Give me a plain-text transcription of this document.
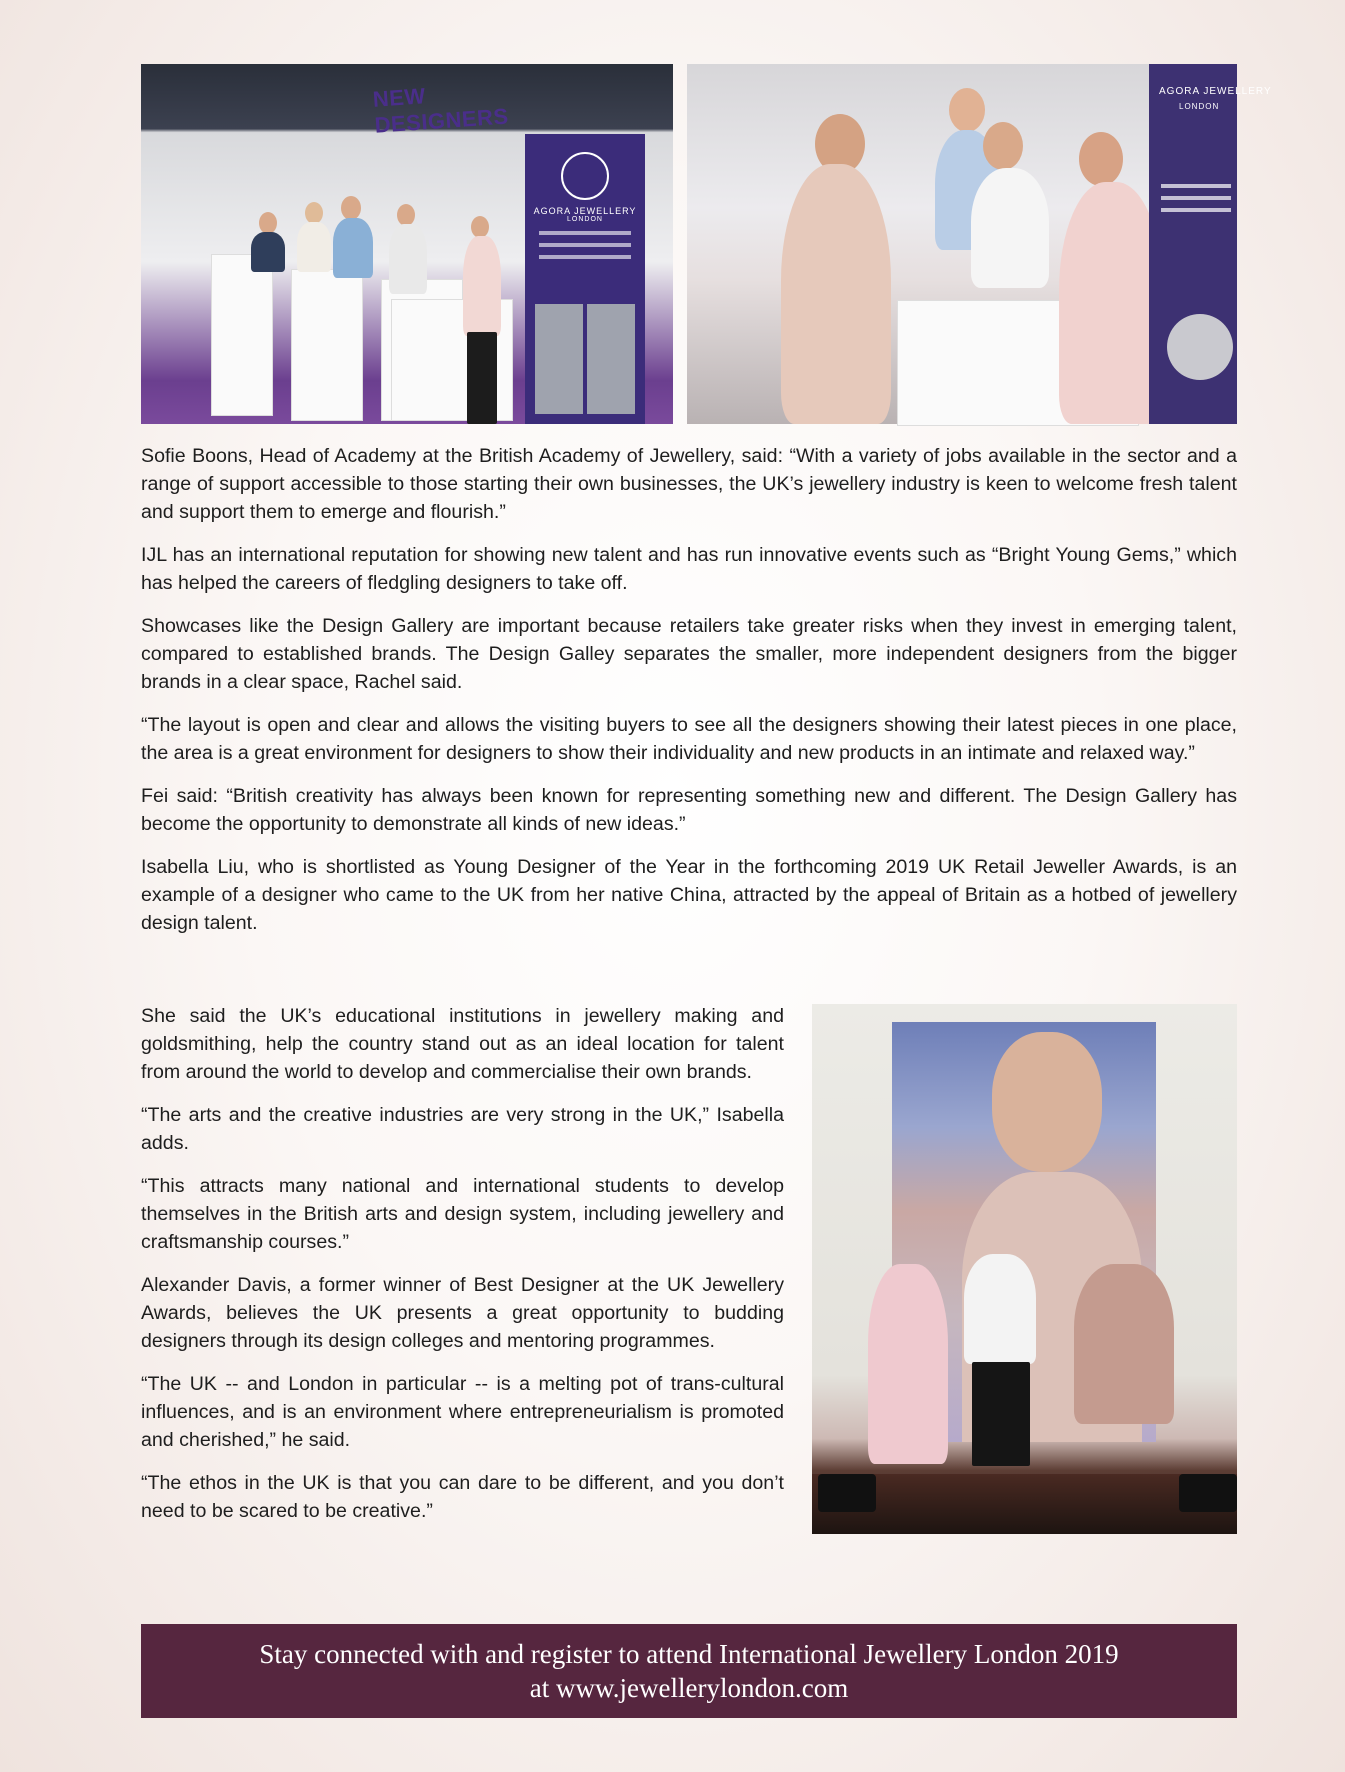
NEW DESIGNERS
AGORA JEWELLERY
LONDON
AGORA JEWELLERY
LONDON

Sofie Boons, Head of Academy at the British Academy of Jewellery, said: “With a variety of jobs available in the sector and a range of support accessible to those starting their own businesses, the UK’s jewellery industry is keen to welcome fresh talent and support them to emerge and flourish.”

IJL has an international reputation for showing new talent and has run innovative events such as “Bright Young Gems,” which has helped the careers of fledgling designers to take off.

Showcases like the Design Gallery are important because retailers take greater risks when they invest in emerging talent, compared to established brands. The Design Galley separates the smaller, more independent designers from the bigger brands in a clear space, Rachel said.

“The layout is open and clear and allows the visiting buyers to see all the designers showing their latest pieces in one place, the area is a great environment for designers to show their individuality and new products in an intimate and relaxed way.”

Fei said: “British creativity has always been known for representing something new and different. The Design Gallery has become the opportunity to demonstrate all kinds of new ideas.”

Isabella Liu, who is shortlisted as Young Designer of the Year in the forthcoming 2019 UK Retail Jeweller Awards, is an example of a designer who came to the UK from her native China, attracted by the appeal of Britain as a hotbed of jewellery design talent.

She said the UK’s educational institutions in jewellery making and goldsmithing, help the country stand out as an ideal location for talent from around the world to develop and commercialise their own brands.

“The arts and the creative industries are very strong in the UK,” Isabella adds.

“This attracts many national and international students to develop themselves in the British arts and design system, including jewellery and craftsmanship courses.”

Alexander Davis, a former winner of Best Designer at the UK Jewellery Awards, believes the UK presents a great opportunity to budding designers through its design colleges and mentoring programmes.

“The UK -- and London in particular -- is a melting pot of trans-cultural influences, and is an environment where entrepreneurialism is promoted and cherished,” he said.

“The ethos in the UK is that you can dare to be different, and you don’t need to be scared to be creative.”

Stay connected with and register to attend International Jewellery London 2019
at www.jewellerylondon.com
